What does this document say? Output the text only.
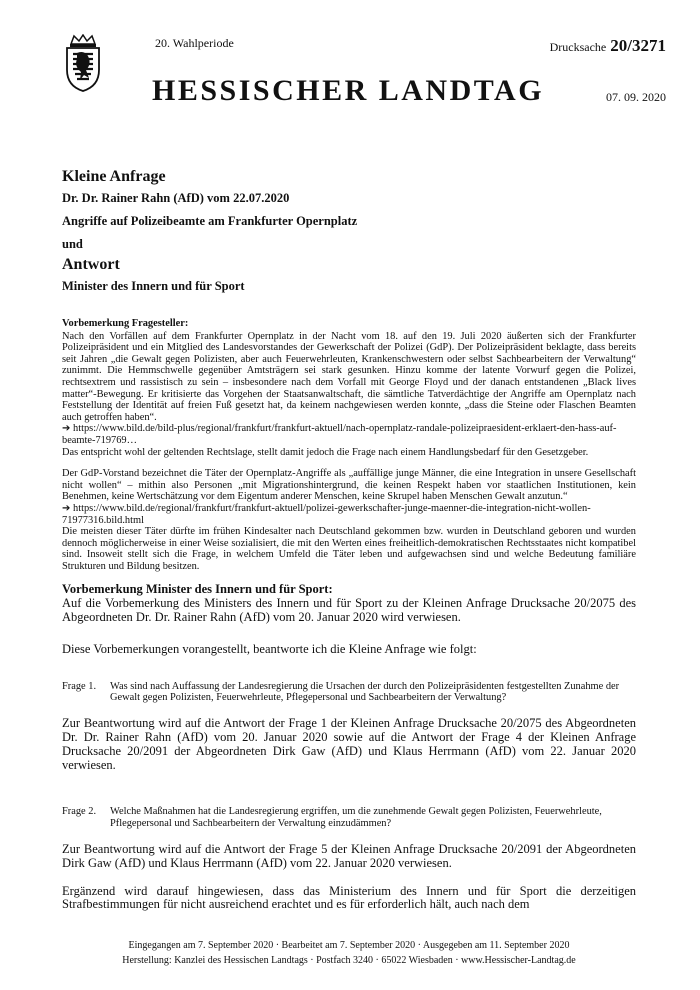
20. Wahlperiode	Drucksache 20/3271
HESSISCHER LANDTAG	07. 09. 2020

Kleine Anfrage

Dr. Dr. Rainer Rahn (AfD) vom 22.07.2020

Angriffe auf Polizeibeamte am Frankfurter Opernplatz

und

Antwort

Minister des Innern und für Sport

Vorbemerkung Fragesteller:

Nach den Vorfällen auf dem Frankfurter Opernplatz in der Nacht vom 18. auf den 19. Juli 2020 äußerten sich der Frankfurter Polizeipräsident und ein Mitglied des Landesvorstandes der Gewerkschaft der Polizei (GdP). Der Polizeipräsident beklagte, dass bereits seit Jahren „die Gewalt gegen Polizisten, aber auch Feuerwehrleuten, Krankenschwestern oder selbst Sachbearbeitern der Verwaltung“ zunimmt. Die Hemmschwelle gegenüber Amtsträgern sei stark gesunken. Hinzu komme der latente Vorwurf gegen die Polizei, rechtsextrem und rassistisch zu sein – insbesondere nach dem Vorfall mit George Floyd und der danach entstandenen „Black lives matter“-Bewegung. Er kritisierte das Vorgehen der Staatsanwaltschaft, die sämtliche Tatverdächtige der Angriffe am Opernplatz nach Feststellung der Identität auf freien Fuß gesetzt hat, da keinem nachgewiesen werden konnte, „dass die Steine oder Flaschen Beamten auch getroffen haben“.

➔ https://www.bild.de/bild-plus/regional/frankfurt/frankfurt-aktuell/nach-opernplatz-randale-polizeipraesident-erklaert-den-hass-auf-beamte-719769…

Das entspricht wohl der geltenden Rechtslage, stellt damit jedoch die Frage nach einem Handlungsbedarf für den Gesetzgeber.

Der GdP-Vorstand bezeichnet die Täter der Opernplatz-Angriffe als „auffällige junge Männer, die eine Integration in unsere Gesellschaft nicht wollen“ – mithin also Personen „mit Migrationshintergrund, die keinen Respekt haben vor staatlichen Institutionen, kein Benehmen, keine Wertschätzung vor dem Eigentum anderer Menschen, keine Skrupel haben Menschen Gewalt anzutun.“

➔ https://www.bild.de/regional/frankfurt/frankfurt-aktuell/polizei-gewerkschafter-junge-maenner-die-integration-nicht-wollen-71977316.bild.html

Die meisten dieser Täter dürfte im frühen Kindesalter nach Deutschland gekommen bzw. wurden in Deutschland geboren und wurden dennoch möglicherweise in einer Weise sozialisiert, die mit den Werten eines freiheitlich-demokratischen Rechtsstaates nicht kompatibel sind. Insoweit stellt sich die Frage, in welchem Umfeld die Täter leben und aufgewachsen sind und welche Bedeutung familiäre Strukturen und Bildung besitzen.

Vorbemerkung Minister des Innern und für Sport:

Auf die Vorbemerkung des Ministers des Innern und für Sport zu der Kleinen Anfrage Drucksache 20/2075 des Abgeordneten Dr. Dr. Rainer Rahn (AfD) vom 20. Januar 2020 wird verwiesen.

Diese Vorbemerkungen vorangestellt, beantworte ich die Kleine Anfrage wie folgt:

Frage 1.	Was sind nach Auffassung der Landesregierung die Ursachen der durch den Polizeipräsidenten festgestellten Zunahme der Gewalt gegen Polizisten, Feuerwehrleute, Pflegepersonal und Sachbearbeitern der Verwaltung?

Zur Beantwortung wird auf die Antwort der Frage 1 der Kleinen Anfrage Drucksache 20/2075 des Abgeordneten Dr. Dr. Rainer Rahn (AfD) vom 20. Januar 2020 sowie auf die Antwort der Frage 4 der Kleinen Anfrage Drucksache 20/2091 der Abgeordneten Dirk Gaw (AfD) und Klaus Herrmann (AfD) vom 22. Januar 2020 verwiesen.

Frage 2.	Welche Maßnahmen hat die Landesregierung ergriffen, um die zunehmende Gewalt gegen Polizisten, Feuerwehrleute, Pflegepersonal und Sachbearbeitern der Verwaltung einzudämmen?

Zur Beantwortung wird auf die Antwort der Frage 5 der Kleinen Anfrage Drucksache 20/2091 der Abgeordneten Dirk Gaw (AfD) und Klaus Herrmann (AfD) vom 22. Januar 2020 verwiesen.

Ergänzend wird darauf hingewiesen, dass das Ministerium des Innern und für Sport die derzeitigen Strafbestimmungen für nicht ausreichend erachtet und es für erforderlich hält, auch nach dem

Eingegangen am 7. September 2020 · Bearbeitet am 7. September 2020 · Ausgegeben am 11. September 2020
Herstellung: Kanzlei des Hessischen Landtags · Postfach 3240 · 65022 Wiesbaden · www.Hessischer-Landtag.de
